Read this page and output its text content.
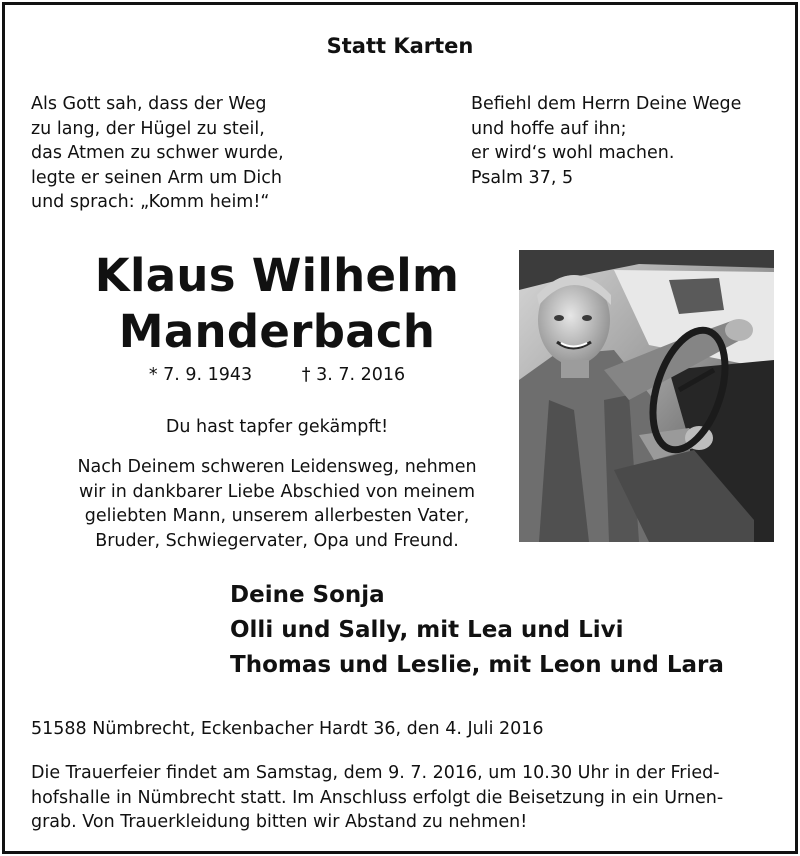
Statt Karten
Als Gott sah, dass der Weg
zu lang, der Hügel zu steil,
das Atmen zu schwer wurde,
legte er seinen Arm um Dich
und sprach: „Komm heim!“
Befiehl dem Herrn Deine Wege
und hoffe auf ihn;
er wird‘s wohl machen.
Psalm 37, 5
Klaus Wilhelm
Manderbach
* 7. 9. 1943	† 3. 7. 2016
Du hast tapfer gekämpft!
Nach Deinem schweren Leidensweg, nehmen
wir in dankbarer Liebe Abschied von meinem
geliebten Mann, unserem allerbesten Vater,
Bruder, Schwiegervater, Opa und Freund.
Deine Sonja
Olli und Sally, mit Lea und Livi
Thomas und Leslie, mit Leon und Lara
51588 Nümbrecht, Eckenbacher Hardt 36, den 4. Juli 2016
Die Trauerfeier findet am Samstag, dem 9. 7. 2016, um 10.30 Uhr in der Fried-
hofshalle in Nümbrecht statt. Im Anschluss erfolgt die Beisetzung in ein Urnen-
grab. Von Trauerkleidung bitten wir Abstand zu nehmen!
